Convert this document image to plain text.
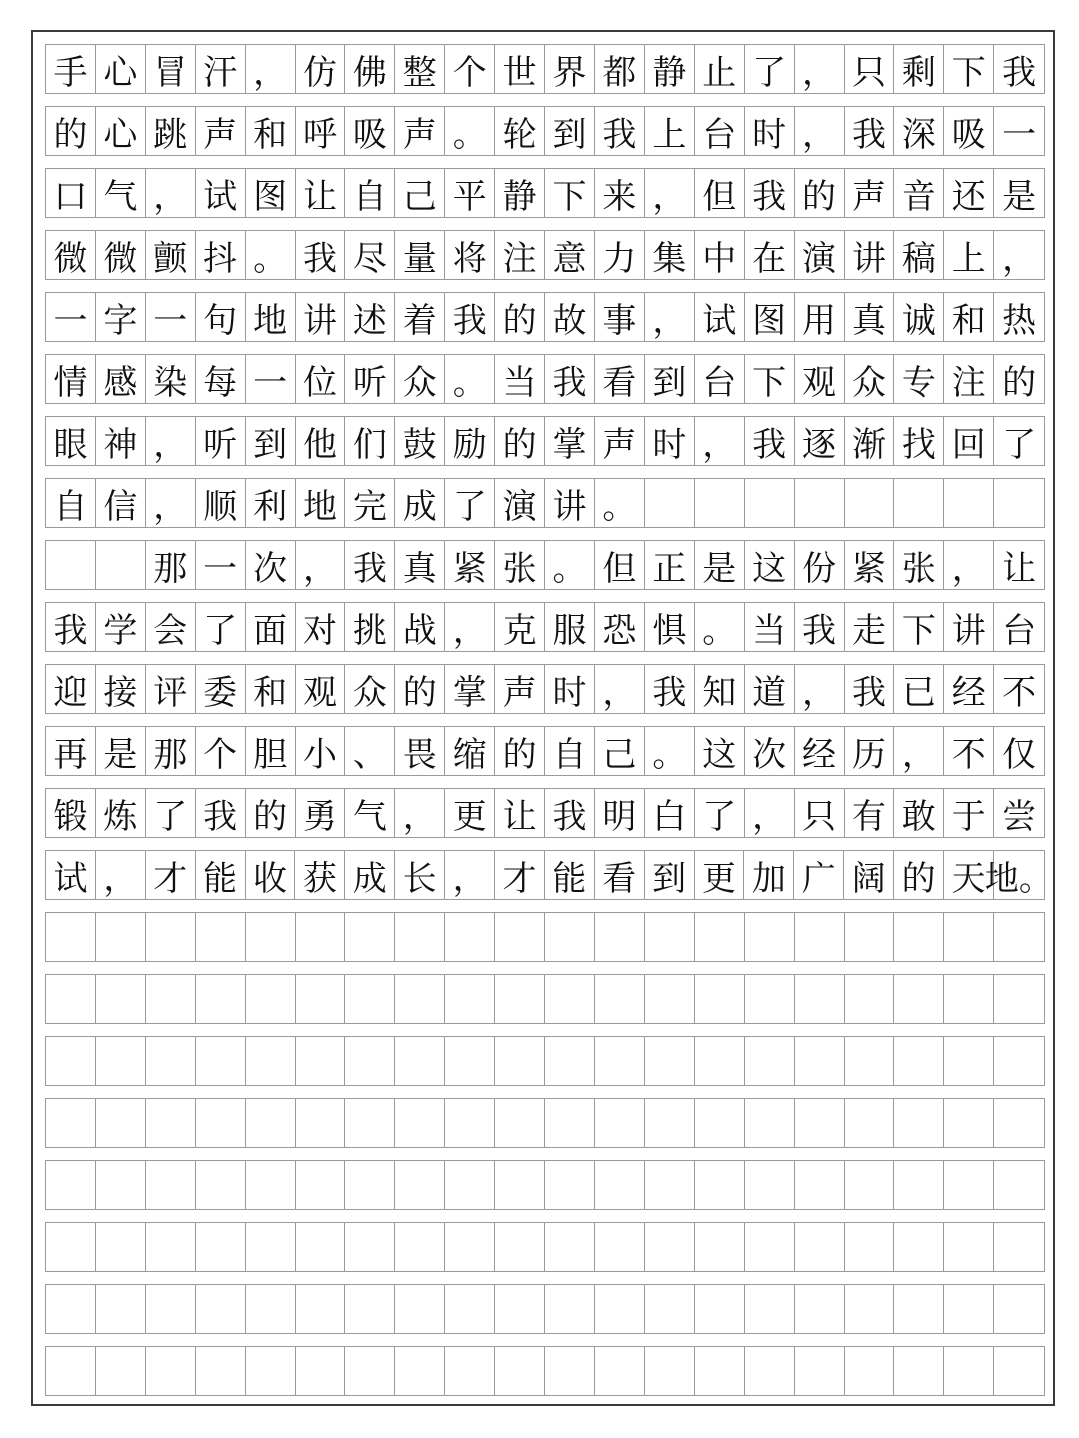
手 心 冒 汗 ， 仿 佛 整 个 世 界 都 静 止 了 ， 只 剩 下 我
的 心 跳 声 和 呼 吸 声 。 轮 到 我 上 台 时 ， 我 深 吸 一
口 气 ， 试 图 让 自 己 平 静 下 来 ， 但 我 的 声 音 还 是
微 微 颤 抖 。 我 尽 量 将 注 意 力 集 中 在 演 讲 稿 上 ，
一 字 一 句 地 讲 述 着 我 的 故 事 ， 试 图 用 真 诚 和 热
情 感 染 每 一 位 听 众 。 当 我 看 到 台 下 观 众 专 注 的
眼 神 ， 听 到 他 们 鼓 励 的 掌 声 时 ， 我 逐 渐 找 回 了
自 信 ， 顺 利 地 完 成 了 演 讲 。
那 一 次 ， 我 真 紧 张 。 但 正 是 这 份 紧 张 ， 让
我 学 会 了 面 对 挑 战 ， 克 服 恐 惧 。 当 我 走 下 讲 台
迎 接 评 委 和 观 众 的 掌 声 时 ， 我 知 道 ， 我 已 经 不
再 是 那 个 胆 小 、 畏 缩 的 自 己 。 这 次 经 历 ， 不 仅
锻 炼 了 我 的 勇 气 ， 更 让 我 明 白 了 ， 只 有 敢 于 尝
试 ， 才 能 收 获 成 长 ， 才 能 看 到 更 加 广 阔 的 天 地。
